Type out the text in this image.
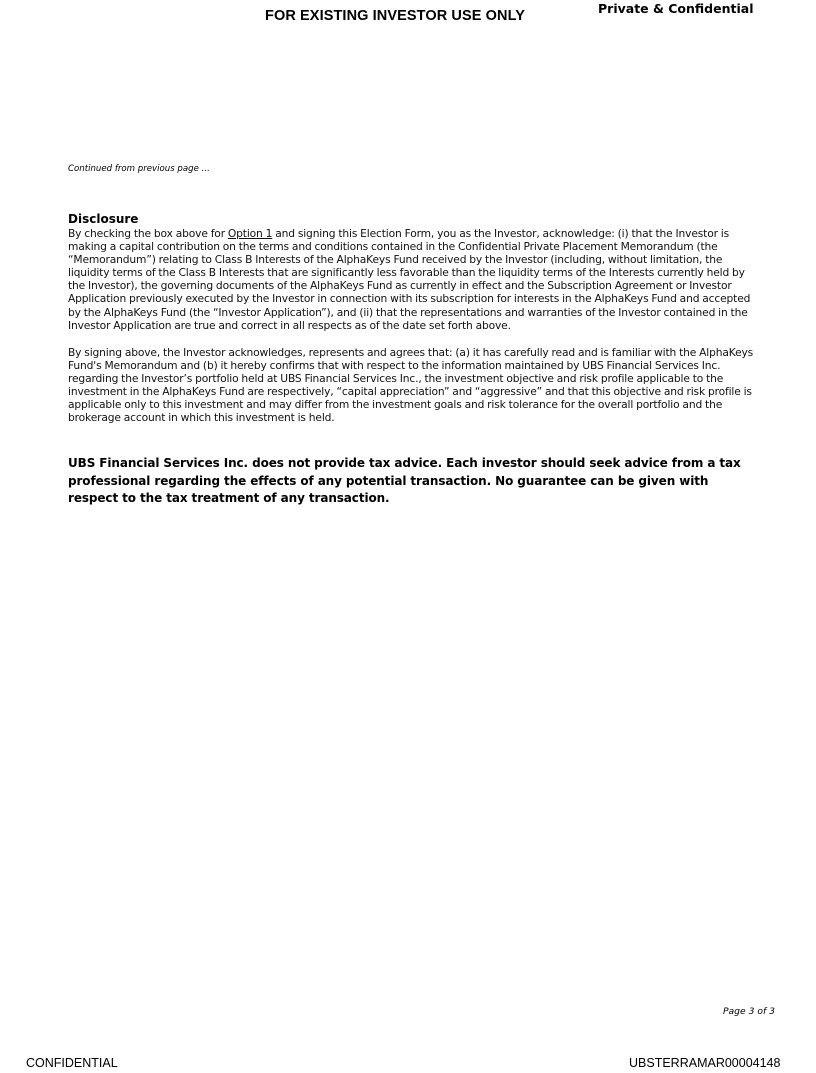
FOR EXISTING INVESTOR USE ONLY	Private & Confidential
Continued from previous page ...
Disclosure

By checking the box above for Option 1 and signing this Election Form, you as the Investor, acknowledge: (i) that the Investor is making a capital contribution on the terms and conditions contained in the Confidential Private Placement Memorandum (the “Memorandum”) relating to Class B Interests of the AlphaKeys Fund received by the Investor (including, without limitation, the liquidity terms of the Class B Interests that are significantly less favorable than the liquidity terms of the Interests currently held by the Investor), the governing documents of the AlphaKeys Fund as currently in effect and the Subscription Agreement or Investor Application previously executed by the Investor in connection with its subscription for interests in the AlphaKeys Fund and accepted by the AlphaKeys Fund (the “Investor Application”), and (ii) that the representations and warranties of the Investor contained in the Investor Application are true and correct in all respects as of the date set forth above.

By signing above, the Investor acknowledges, represents and agrees that: (a) it has carefully read and is familiar with the AlphaKeys Fund's Memorandum and (b) it hereby confirms that with respect to the information maintained by UBS Financial Services Inc. regarding the Investor’s portfolio held at UBS Financial Services Inc., the investment objective and risk profile applicable to the investment in the AlphaKeys Fund are respectively, “capital appreciation” and “aggressive” and that this objective and risk profile is applicable only to this investment and may differ from the investment goals and risk tolerance for the overall portfolio and the brokerage account in which this investment is held.

UBS Financial Services Inc. does not provide tax advice. Each investor should seek advice from a tax professional regarding the effects of any potential transaction. No guarantee can be given with respect to the tax treatment of any transaction.

Page 3 of 3
CONFIDENTIAL	UBSTERRAMAR00004148
